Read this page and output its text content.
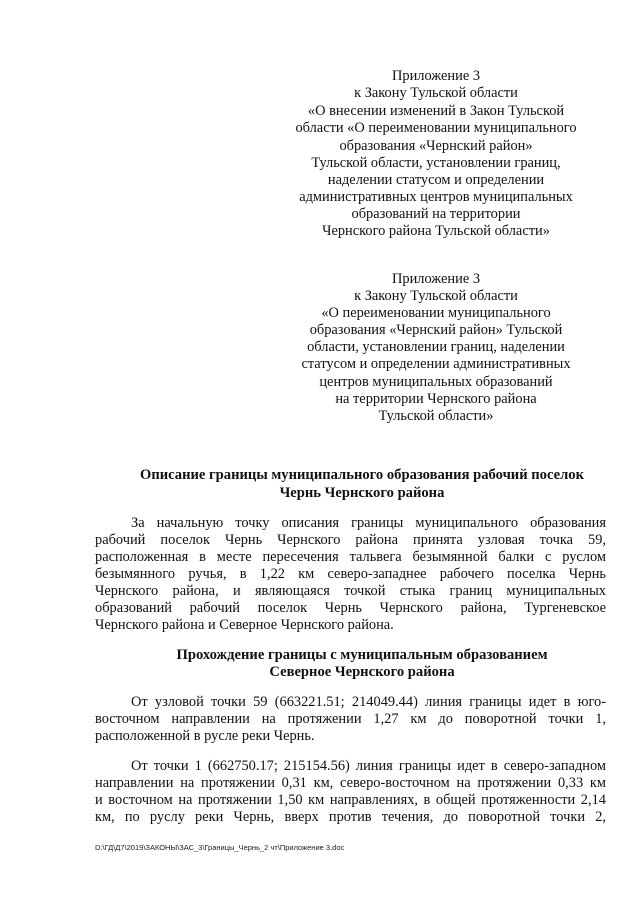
Приложение 3
к Закону Тульской области
«О внесении изменений в Закон Тульской
области «О переименовании муниципального
образования «Чернский район»
Тульской области, установлении границ,
наделении статусом и определении
административных центров муниципальных
образований на территории
Чернского района Тульской области»
Приложение 3
к Закону Тульской области
«О переименовании муниципального
образования «Чернский район» Тульской
области, установлении границ, наделении
статусом и определении административных
центров муниципальных образований
на территории Чернского района
Тульской области»
Описание границы муниципального образования рабочий поселок
Чернь Чернского района
За начальную точку описания границы муниципального образования
рабочий поселок Чернь Чернского района принята узловая точка 59,
расположенная в месте пересечения тальвега безымянной балки с руслом
безымянного ручья, в 1,22 км северо-западнее рабочего поселка Чернь
Чернского района, и являющаяся точкой стыка границ муниципальных
образований рабочий поселок Чернь Чернского района, Тургеневское
Чернского района и Северное Чернского района.
Прохождение границы с муниципальным образованием
Северное Чернского района
От узловой точки 59 (663221.51; 214049.44) линия границы идет в юго-
восточном направлении на протяжении 1,27 км до поворотной точки 1,
расположенной в русле реки Чернь.
От точки 1 (662750.17; 215154.56) линия границы идет в северо-западном
направлении на протяжении 0,31 км, северо-восточном на протяжении 0,33 км
и восточном на протяжении 1,50 км направлениях, в общей протяженности 2,14
км, по руслу реки Чернь, вверх против течения, до поворотной точки 2,
D:\ГД\Д7\2019\ЗАКОНЫ\ЗАС_3\Границы_Чернь_2 чт\Приложение 3.doc
